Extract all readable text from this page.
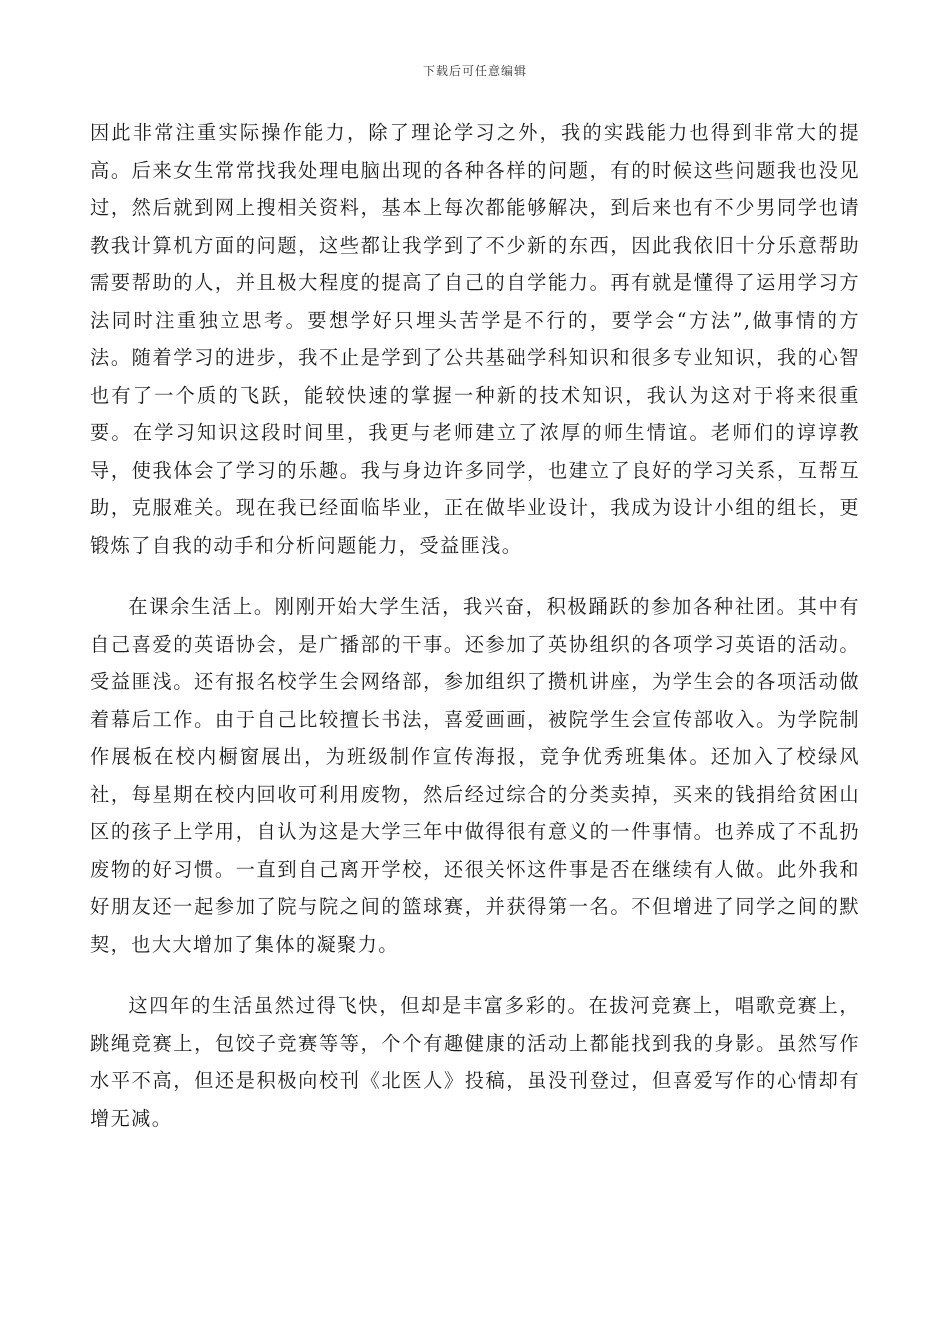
下载后可任意编辑

因此非常注重实际操作能力，除了理论学习之外，我的实践能力也得到非常大的提高。后来女生常常找我处理电脑出现的各种各样的问题，有的时候这些问题我也没见过，然后就到网上搜相关资料，基本上每次都能够解决，到后来也有不少男同学也请教我计算机方面的问题，这些都让我学到了不少新的东西，因此我依旧十分乐意帮助需要帮助的人，并且极大程度的提高了自己的自学能力。再有就是懂得了运用学习方法同时注重独立思考。要想学好只埋头苦学是不行的，要学会“方法”,做事情的方法。随着学习的进步，我不止是学到了公共基础学科知识和很多专业知识，我的心智也有了一个质的飞跃，能较快速的掌握一种新的技术知识，我认为这对于将来很重要。在学习知识这段时间里，我更与老师建立了浓厚的师生情谊。老师们的谆谆教导，使我体会了学习的乐趣。我与身边许多同学，也建立了良好的学习关系，互帮互助，克服难关。现在我已经面临毕业，正在做毕业设计，我成为设计小组的组长，更锻炼了自我的动手和分析问题能力，受益匪浅。

在课余生活上。刚刚开始大学生活，我兴奋，积极踊跃的参加各种社团。其中有自己喜爱的英语协会，是广播部的干事。还参加了英协组织的各项学习英语的活动。受益匪浅。还有报名校学生会网络部，参加组织了攒机讲座，为学生会的各项活动做着幕后工作。由于自己比较擅长书法，喜爱画画，被院学生会宣传部收入。为学院制作展板在校内橱窗展出，为班级制作宣传海报，竞争优秀班集体。还加入了校绿风社，每星期在校内回收可利用废物，然后经过综合的分类卖掉，买来的钱捐给贫困山区的孩子上学用，自认为这是大学三年中做得很有意义的一件事情。也养成了不乱扔废物的好习惯。一直到自己离开学校，还很关怀这件事是否在继续有人做。此外我和好朋友还一起参加了院与院之间的篮球赛，并获得第一名。不但增进了同学之间的默契，也大大增加了集体的凝聚力。

这四年的生活虽然过得飞快，但却是丰富多彩的。在拔河竞赛上，唱歌竞赛上，跳绳竞赛上，包饺子竞赛等等，个个有趣健康的活动上都能找到我的身影。虽然写作水平不高，但还是积极向校刊《北医人》投稿，虽没刊登过，但喜爱写作的心情却有增无减。
